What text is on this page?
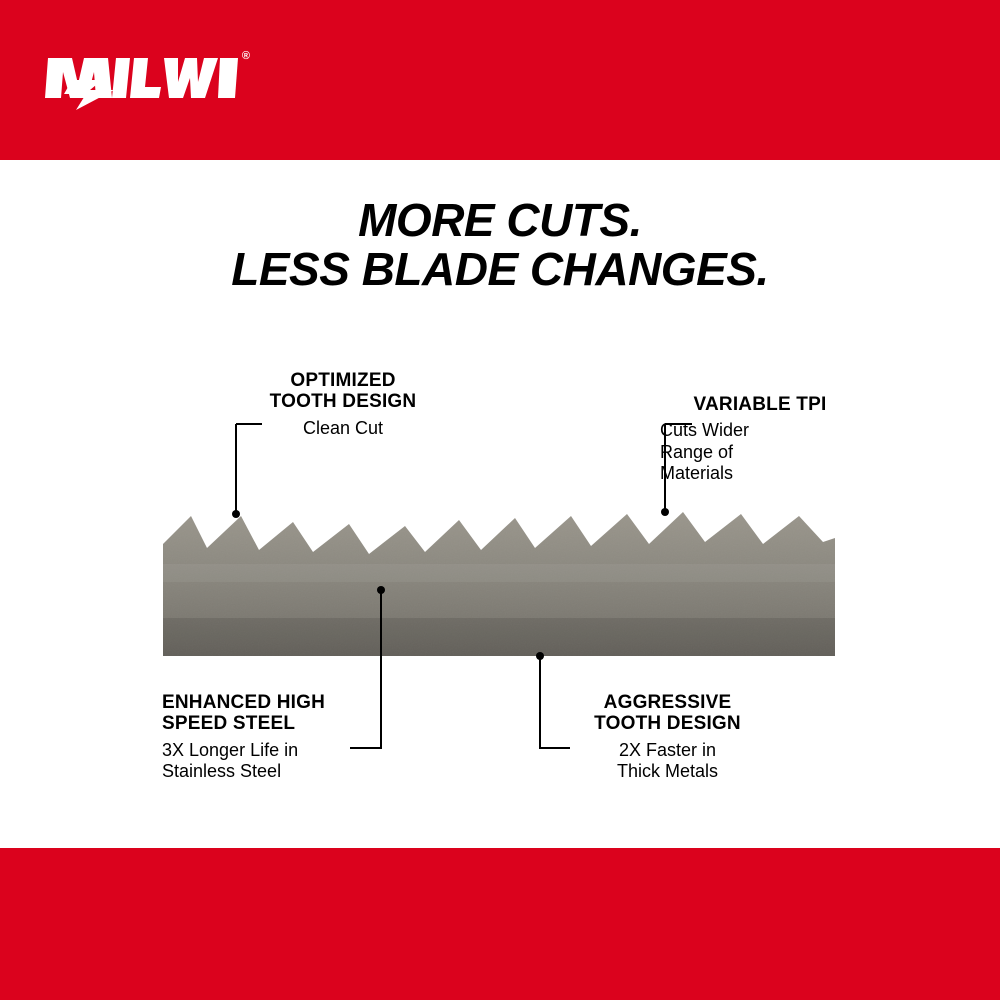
®
MORE CUTS.
LESS BLADE CHANGES.
OPTIMIZED
TOOTH DESIGN
Clean Cut
VARIABLE TPI
Cuts Wider
Range of
Materials
ENHANCED HIGH
SPEED STEEL
3X Longer Life in
Stainless Steel
AGGRESSIVE
TOOTH DESIGN
2X Faster in
Thick Metals
